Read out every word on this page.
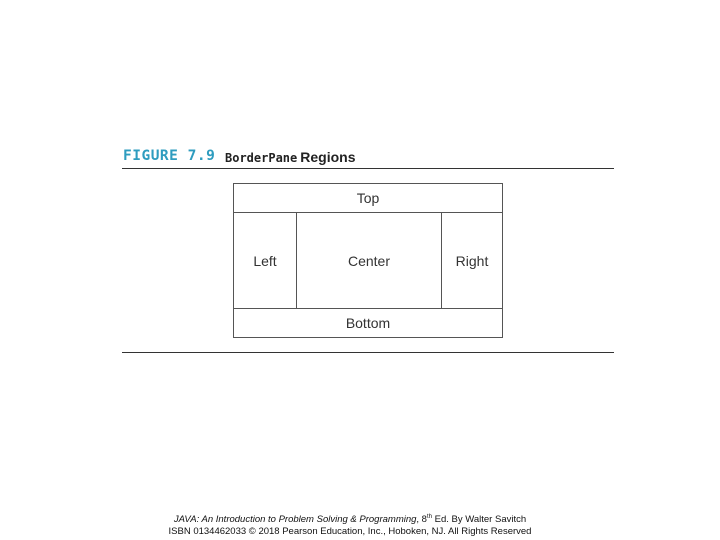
FIGURE 7.9 BorderPane Regions
Top
Left	Center	Right
Bottom
JAVA: An Introduction to Problem Solving & Programming, 8th Ed. By Walter Savitch
ISBN 0134462033 © 2018 Pearson Education, Inc., Hoboken, NJ. All Rights Reserved
